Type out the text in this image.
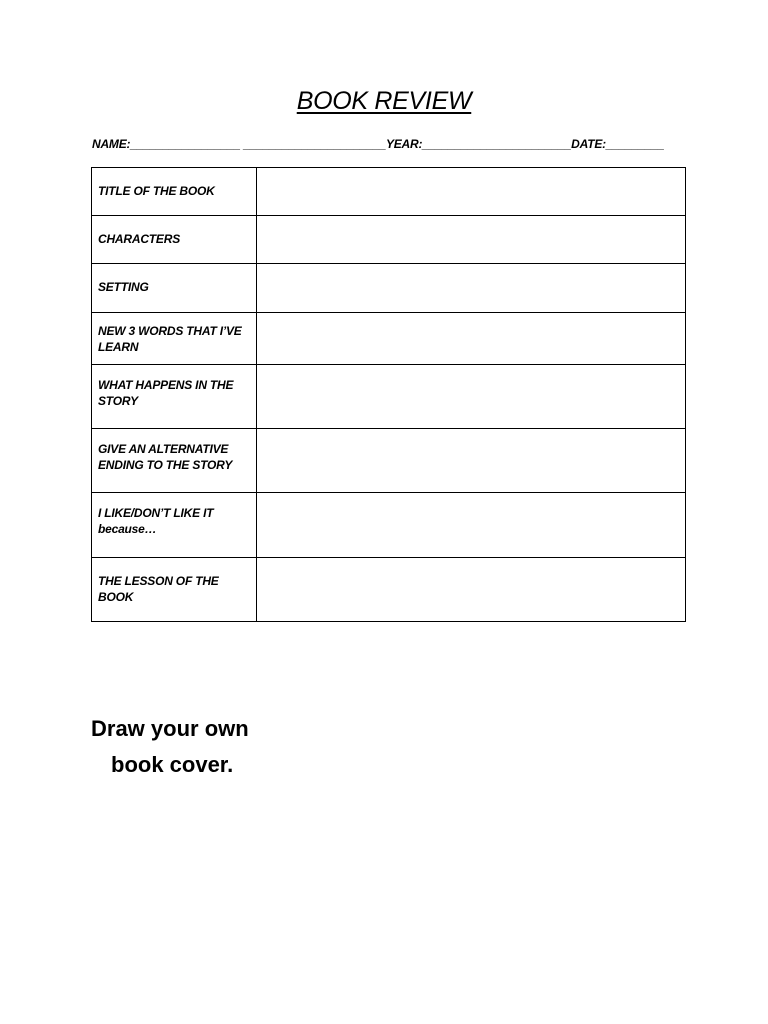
BOOK REVIEW
NAME:_________________ ______________________YEAR:_______________________DATE:_________
TITLE OF THE BOOK	

CHARACTERS	

SETTING	

NEW 3 WORDS THAT I’VE LEARN	

WHAT HAPPENS IN THE STORY	

GIVE AN ALTERNATIVE ENDING TO THE STORY	

I LIKE/DON’T LIKE IT because…	

THE LESSON OF THE BOOK	

Draw your own
book cover.
